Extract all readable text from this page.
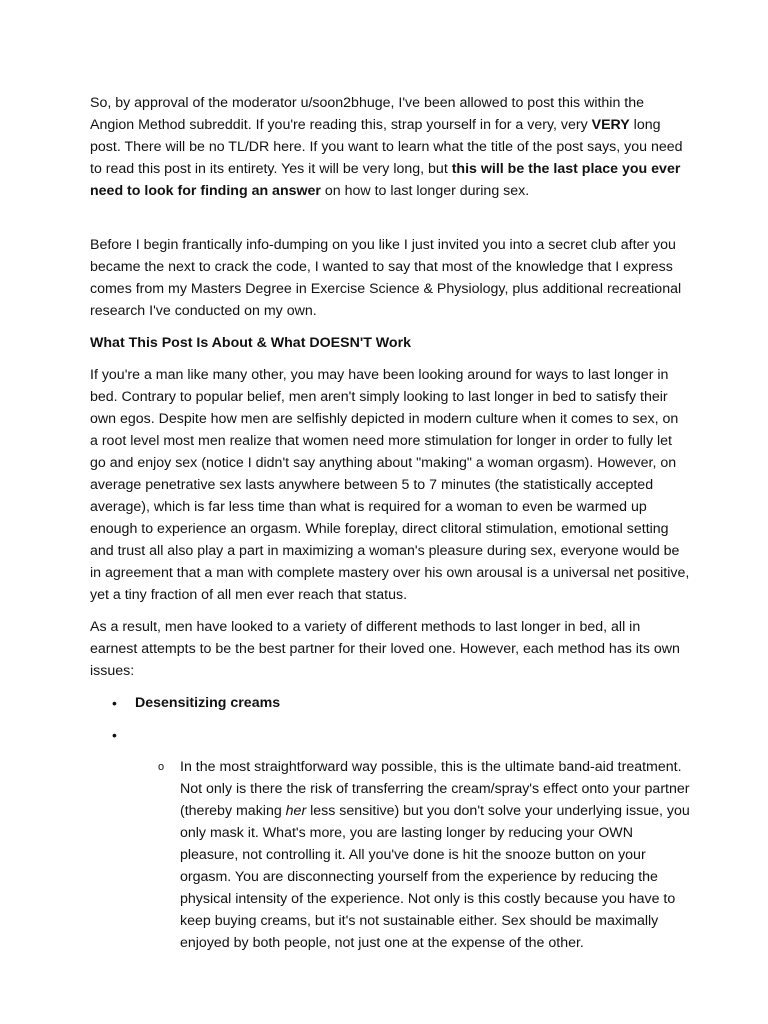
So, by approval of the moderator u/soon2bhuge, I've been allowed to post this within the Angion Method subreddit. If you're reading this, strap yourself in for a very, very VERY long post. There will be no TL/DR here. If you want to learn what the title of the post says, you need to read this post in its entirety. Yes it will be very long, but this will be the last place you ever need to look for finding an answer on how to last longer during sex.

Before I begin frantically info-dumping on you like I just invited you into a secret club after you became the next to crack the code, I wanted to say that most of the knowledge that I express comes from my Masters Degree in Exercise Science & Physiology, plus additional recreational research I've conducted on my own.

What This Post Is About & What DOESN'T Work

If you're a man like many other, you may have been looking around for ways to last longer in bed. Contrary to popular belief, men aren't simply looking to last longer in bed to satisfy their own egos. Despite how men are selfishly depicted in modern culture when it comes to sex, on a root level most men realize that women need more stimulation for longer in order to fully let go and enjoy sex (notice I didn't say anything about "making" a woman orgasm). However, on average penetrative sex lasts anywhere between 5 to 7 minutes (the statistically accepted average), which is far less time than what is required for a woman to even be warmed up enough to experience an orgasm. While foreplay, direct clitoral stimulation, emotional setting and trust all also play a part in maximizing a woman's pleasure during sex, everyone would be in agreement that a man with complete mastery over his own arousal is a universal net positive, yet a tiny fraction of all men ever reach that status.

As a result, men have looked to a variety of different methods to last longer in bed, all in earnest attempts to be the best partner for their loved one. However, each method has its own issues:

• Desensitizing creams
•
o In the most straightforward way possible, this is the ultimate band-aid treatment. Not only is there the risk of transferring the cream/spray's effect onto your partner (thereby making her less sensitive) but you don't solve your underlying issue, you only mask it. What's more, you are lasting longer by reducing your OWN pleasure, not controlling it. All you've done is hit the snooze button on your orgasm. You are disconnecting yourself from the experience by reducing the physical intensity of the experience. Not only is this costly because you have to keep buying creams, but it's not sustainable either. Sex should be maximally enjoyed by both people, not just one at the expense of the other.
